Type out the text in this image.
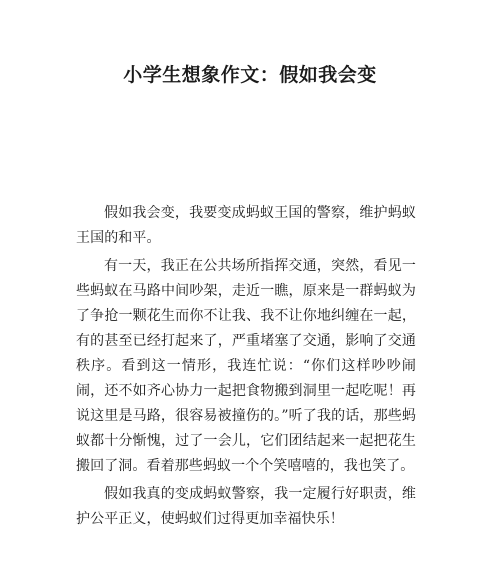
小学生想象作文：假如我会变

假如我会变，我要变成蚂蚁王国的警察，维护蚂蚁王国的和平。

有一天，我正在公共场所指挥交通，突然，看见一些蚂蚁在马路中间吵架，走近一瞧，原来是一群蚂蚁为了争抢一颗花生而你不让我、我不让你地纠缠在一起，有的甚至已经打起来了，严重堵塞了交通，影响了交通秩序。看到这一情形，我连忙说：“你们这样吵吵闹闹，还不如齐心协力一起把食物搬到洞里一起吃呢！再说这里是马路，很容易被撞伤的。”听了我的话，那些蚂蚁都十分惭愧，过了一会儿，它们团结起来一起把花生搬回了洞。看着那些蚂蚁一个个笑嘻嘻的，我也笑了。

假如我真的变成蚂蚁警察，我一定履行好职责，维护公平正义，使蚂蚁们过得更加幸福快乐！
